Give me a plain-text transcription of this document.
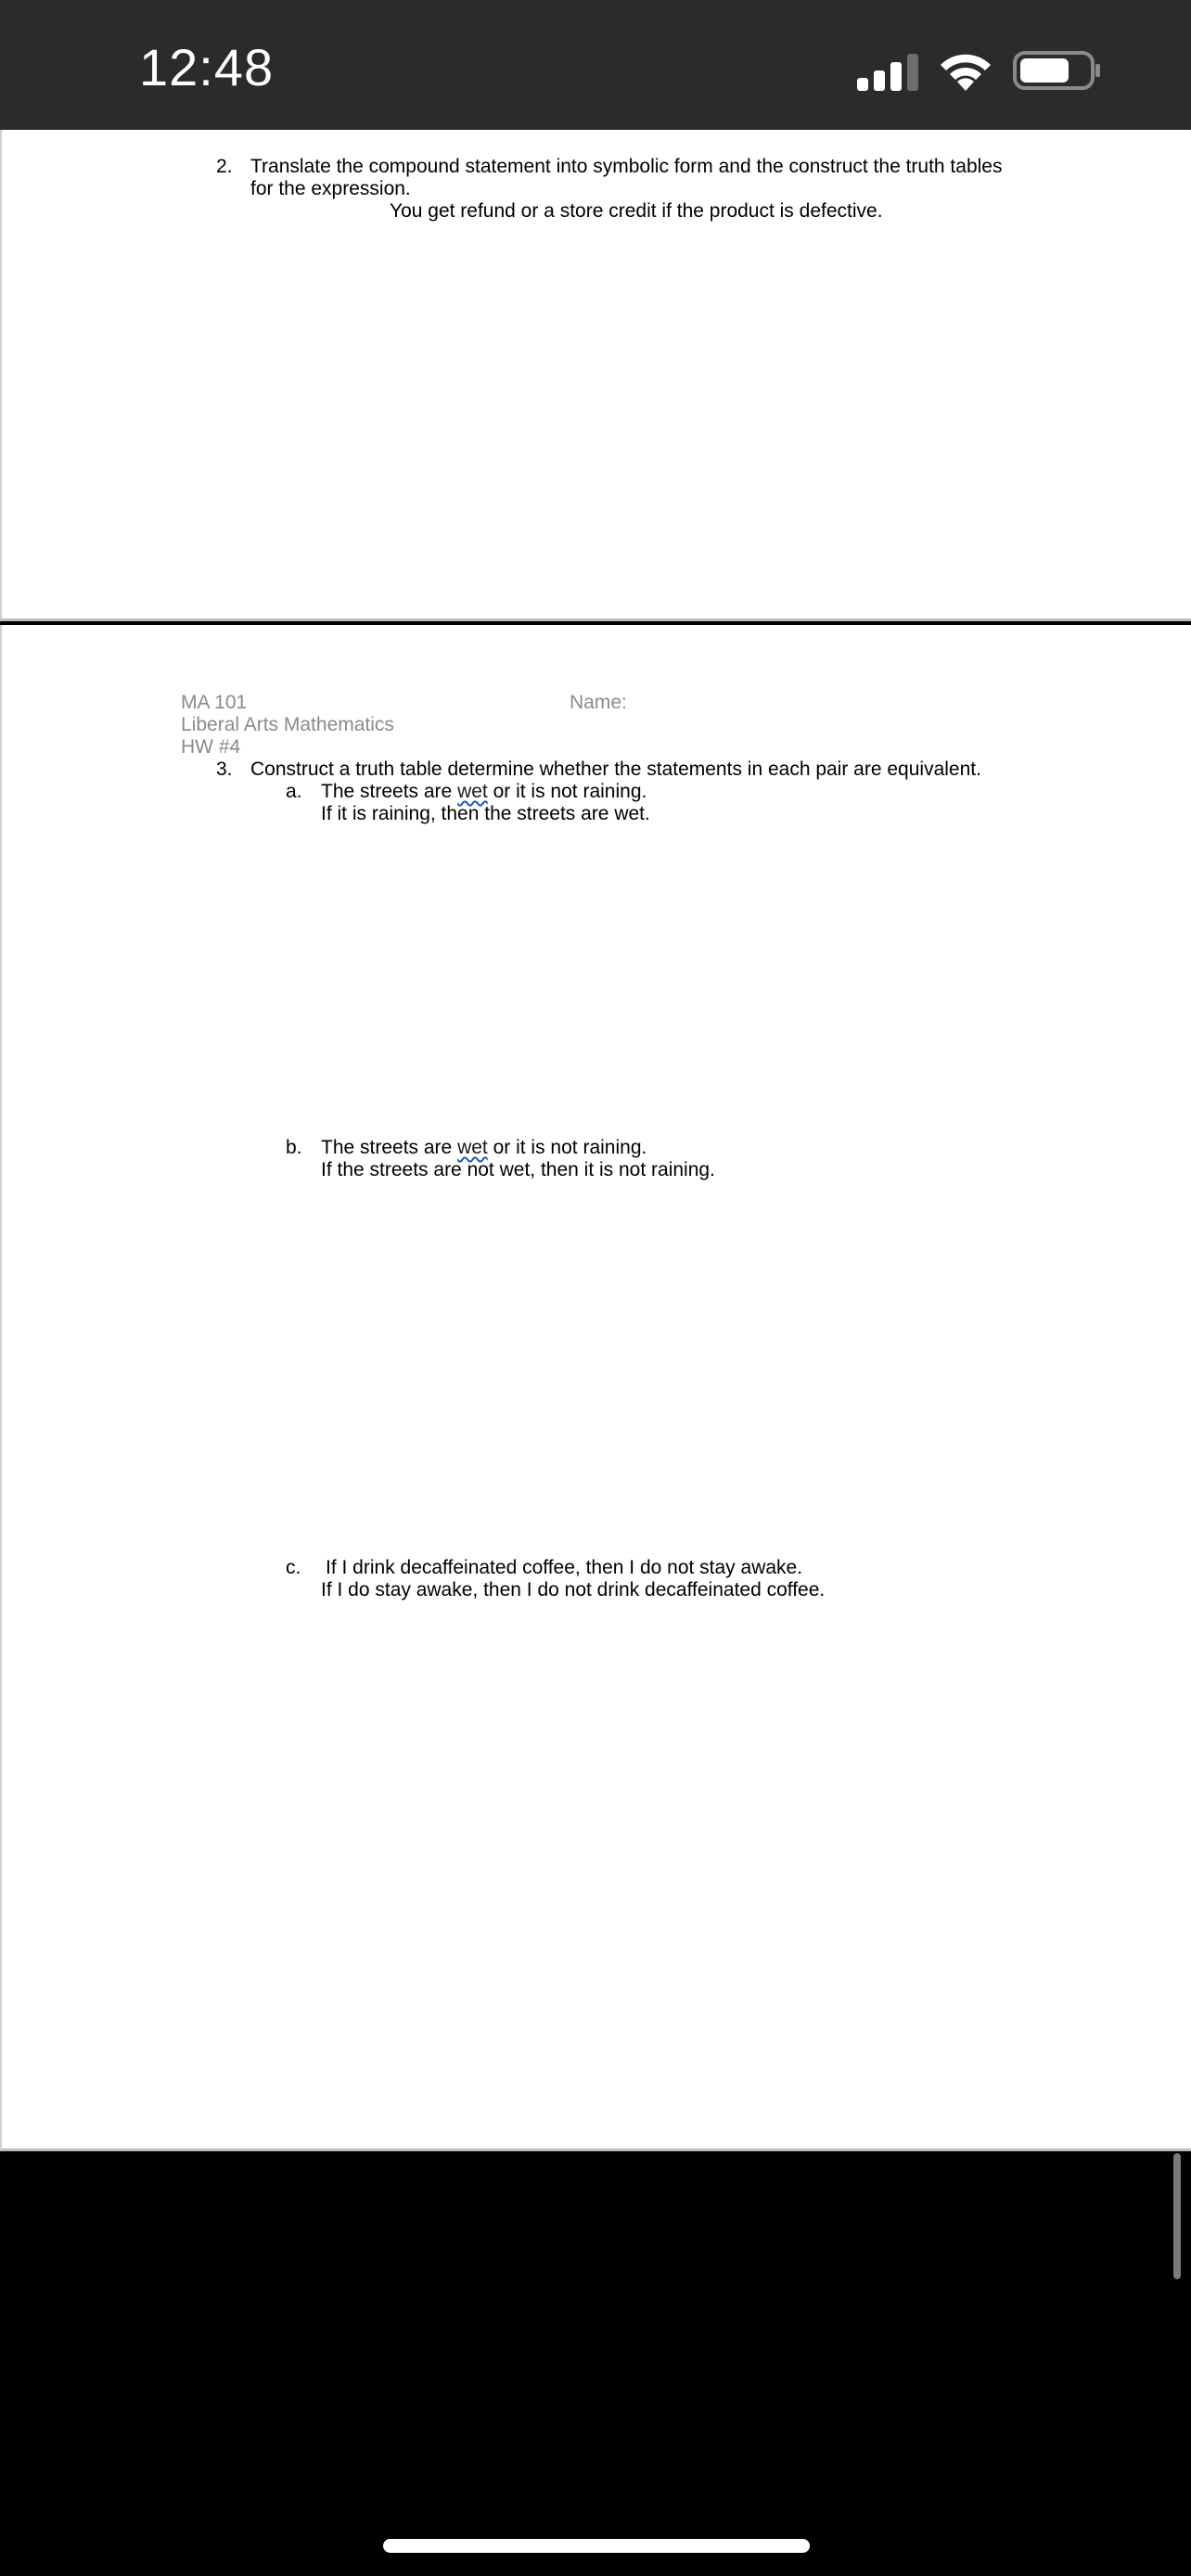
12:48
2. Translate the compound statement into symbolic form and the construct the truth tables
for the expression.
You get refund or a store credit if the product is defective.
MA 101	Name:
Liberal Arts Mathematics
HW #4
3. Construct a truth table determine whether the statements in each pair are equivalent.
a. The streets are wet or it is not raining.
If it is raining, then the streets are wet.
b. The streets are wet or it is not raining.
If the streets are not wet, then it is not raining.
c. If I drink decaffeinated coffee, then I do not stay awake.
If I do stay awake, then I do not drink decaffeinated coffee.
